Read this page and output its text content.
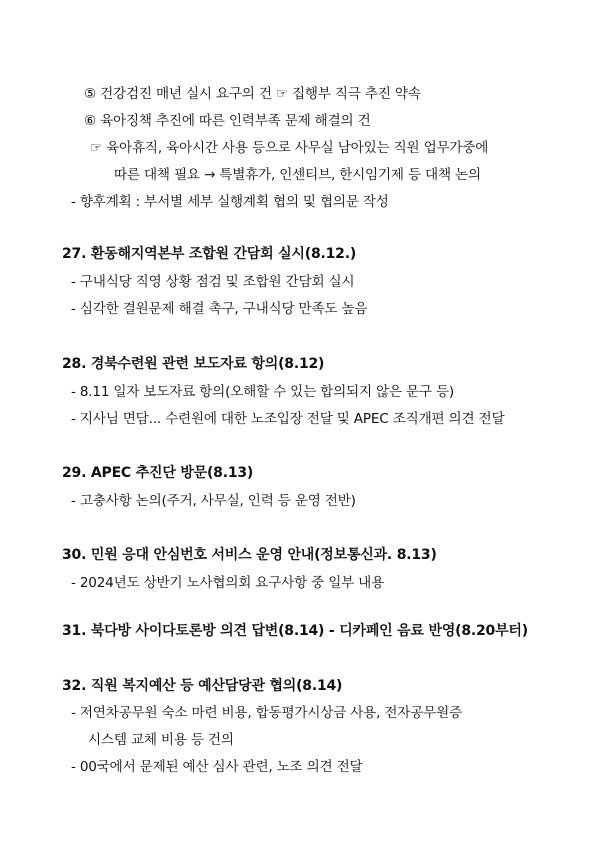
⑤ 건강검진 매년 실시 요구의 건 ☞ 집행부 직극 추진 약속
⑥ 육아징책 추진에 따른 인력부족 문제 해결의 건
☞ 육아휴직, 육아시간 사용 등으로 사무실 남아있는 직원 업무가중에
따른 대책 필요 → 특별휴가, 인센티브, 한시임기제 등 대책 논의
- 향후계획 : 부서별 세부 실행계획 협의 및 협의문 작성
27. 환동해지역본부 조합원 간담회 실시(8.12.)
- 구내식당 직영 상황 점검 및 조합원 간담회 실시
- 심각한 결원문제 해결 촉구, 구내식당 만족도 높음
28. 경북수련원 관련 보도자료 항의(8.12)
- 8.11 일자 보도자료 항의(오해할 수 있는 합의되지 않은 문구 등)
- 지사님 면담... 수련원에 대한 노조입장 전달 및 APEC 조직개편 의견 전달
29. APEC 추진단 방문(8.13)
- 고충사항 논의(주거, 사무실, 인력 등 운영 전반)
30. 민원 응대 안심번호 서비스 운영 안내(정보통신과. 8.13)
- 2024년도 상반기 노사협의회 요구사항 중 일부 내용
31. 북다방 사이다토론방 의견 답변(8.14) - 디카페인 음료 반영(8.20부터)
32. 직원 복지예산 등 예산담당관 협의(8.14)
- 저연차공무원 숙소 마련 비용, 합동평가시상금 사용, 전자공무원증
시스템 교체 비용 등 건의
- 00국에서 문제된 예산 심사 관련, 노조 의견 전달
